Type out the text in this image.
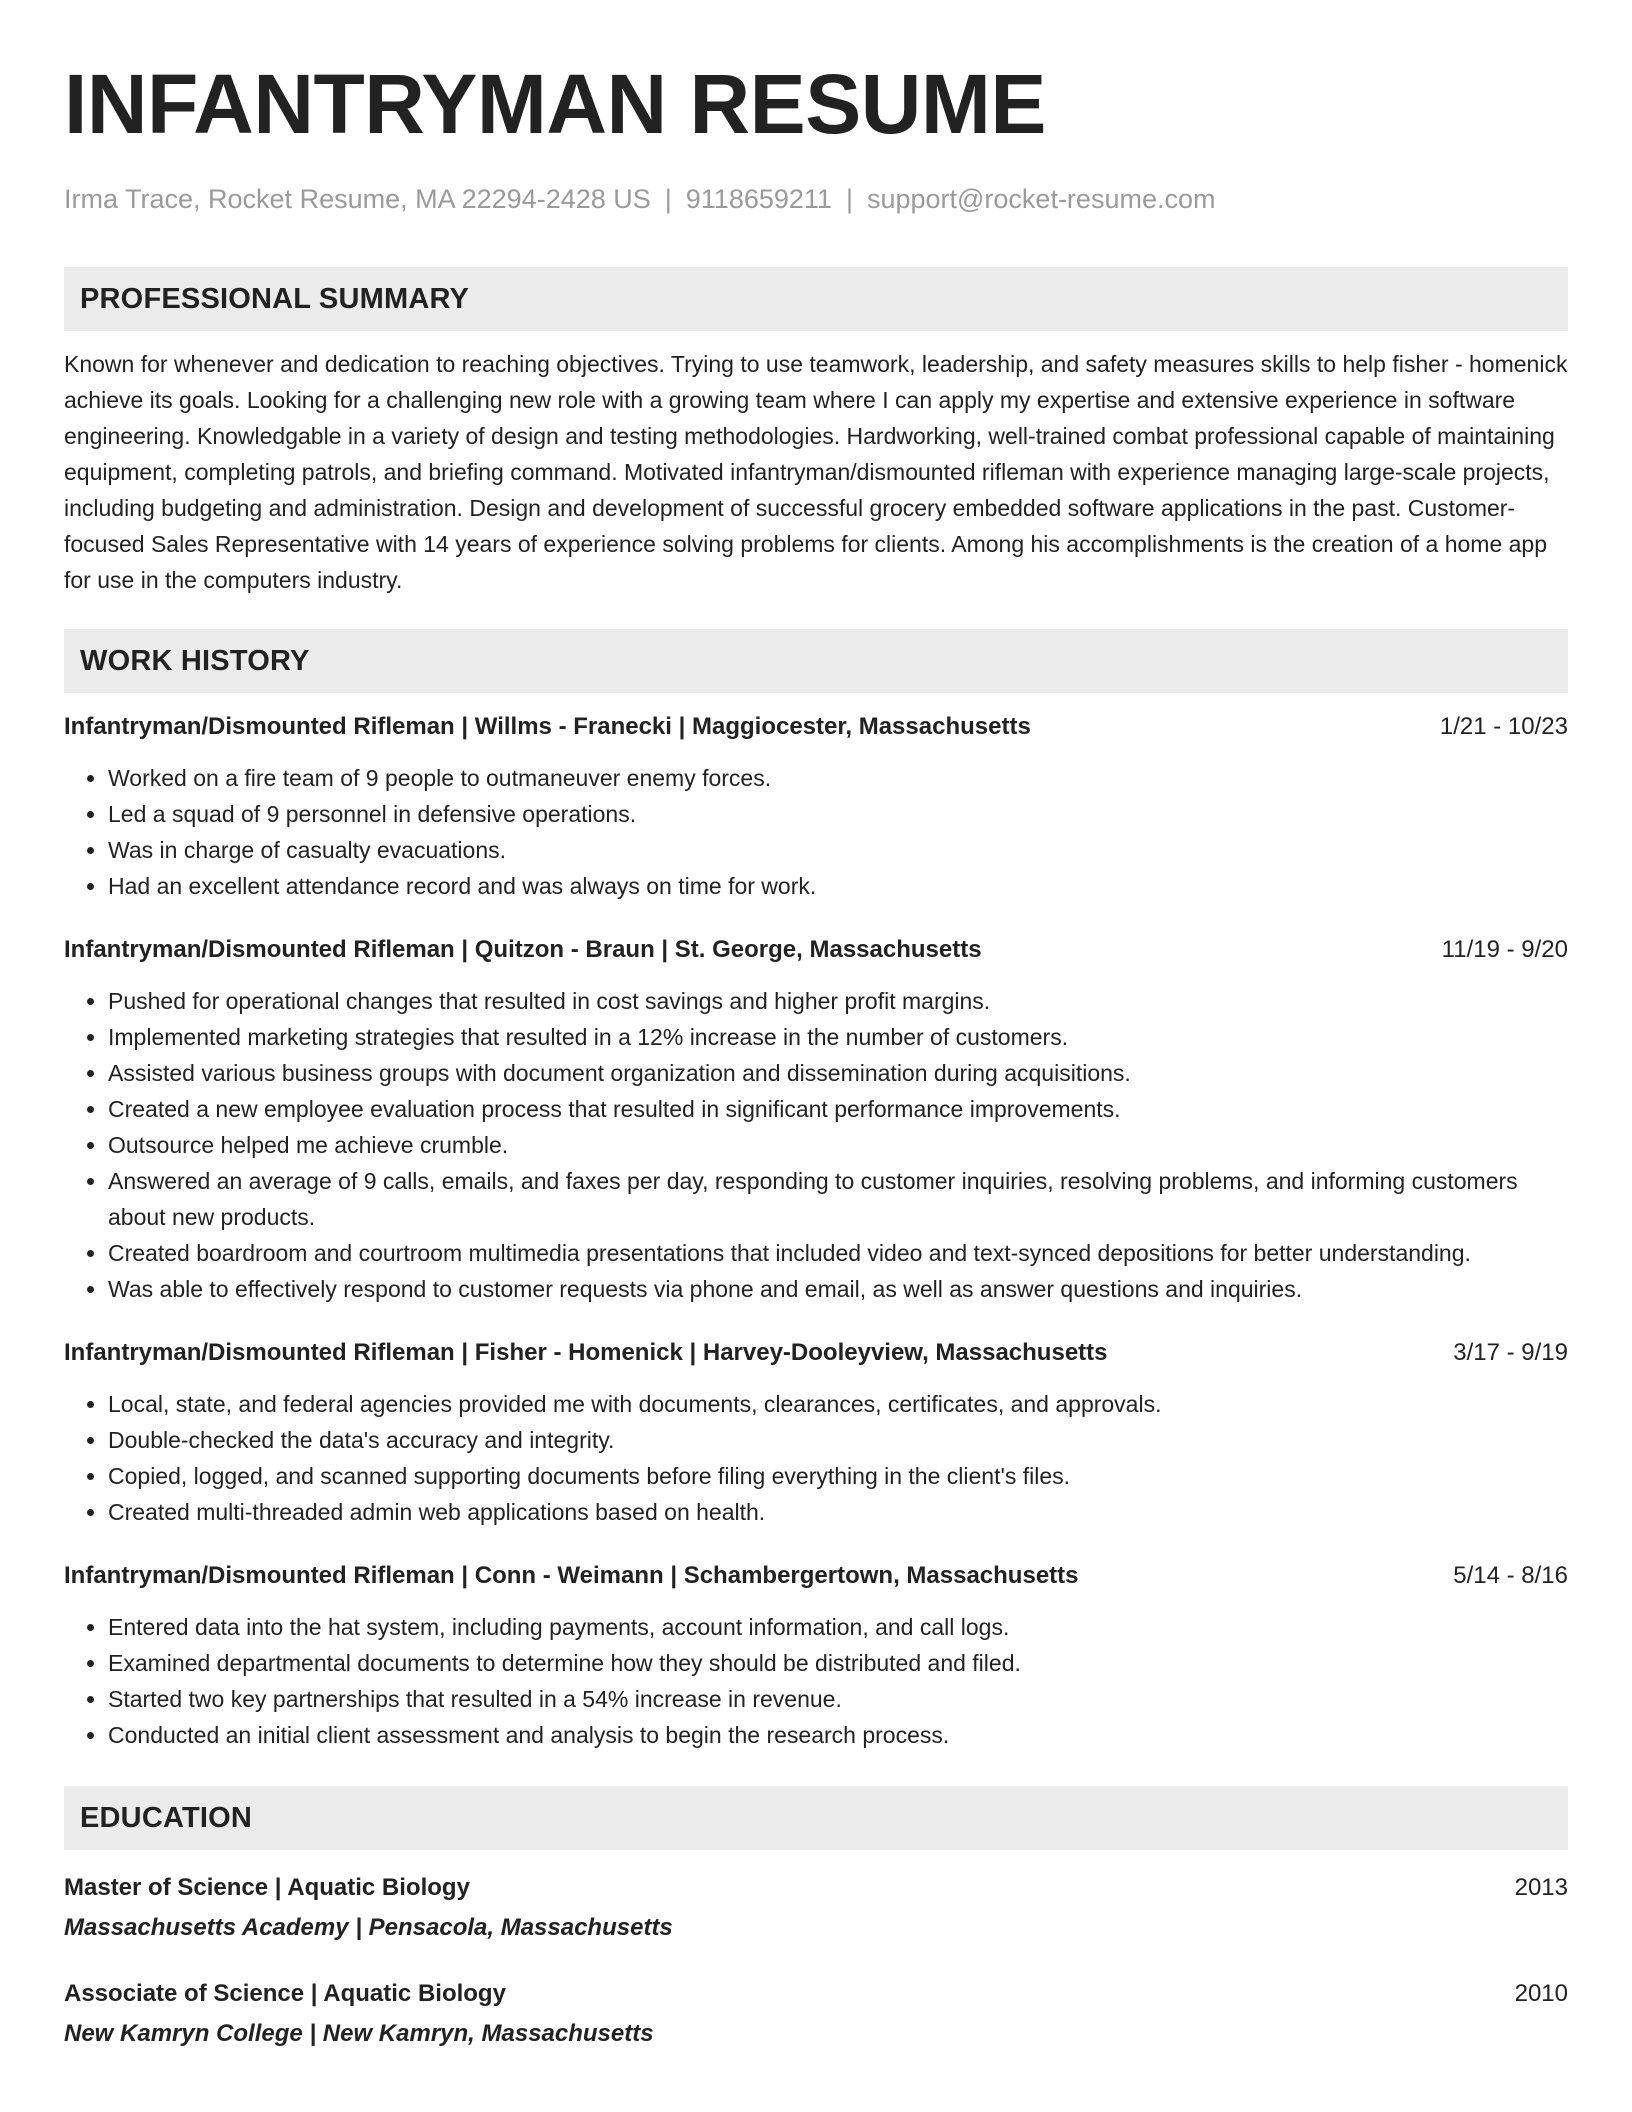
INFANTRYMAN RESUME
Irma Trace, Rocket Resume, MA 22294-2428 US | 9118659211 | support@rocket-resume.com
PROFESSIONAL SUMMARY

Known for whenever and dedication to reaching objectives. Trying to use teamwork, leadership, and safety measures skills to help fisher - homenick achieve its goals. Looking for a challenging new role with a growing team where I can apply my expertise and extensive experience in software engineering. Knowledgable in a variety of design and testing methodologies. Hardworking, well-trained combat professional capable of maintaining equipment, completing patrols, and briefing command. Motivated infantryman/dismounted rifleman with experience managing large-scale projects, including budgeting and administration. Design and development of successful grocery embedded software applications in the past. Customer-focused Sales Representative with 14 years of experience solving problems for clients. Among his accomplishments is the creation of a home app for use in the computers industry.

WORK HISTORY
Infantryman/Dismounted Rifleman | Willms - Franecki | Maggiocester, Massachusetts	1/21 - 10/23
• Worked on a fire team of 9 people to outmaneuver enemy forces.
• Led a squad of 9 personnel in defensive operations.
• Was in charge of casualty evacuations.
• Had an excellent attendance record and was always on time for work.
Infantryman/Dismounted Rifleman | Quitzon - Braun | St. George, Massachusetts	11/19 - 9/20
• Pushed for operational changes that resulted in cost savings and higher profit margins.
• Implemented marketing strategies that resulted in a 12% increase in the number of customers.
• Assisted various business groups with document organization and dissemination during acquisitions.
• Created a new employee evaluation process that resulted in significant performance improvements.
• Outsource helped me achieve crumble.
• Answered an average of 9 calls, emails, and faxes per day, responding to customer inquiries, resolving problems, and informing customers about new products.
• Created boardroom and courtroom multimedia presentations that included video and text-synced depositions for better understanding.
• Was able to effectively respond to customer requests via phone and email, as well as answer questions and inquiries.
Infantryman/Dismounted Rifleman | Fisher - Homenick | Harvey-Dooleyview, Massachusetts	3/17 - 9/19
• Local, state, and federal agencies provided me with documents, clearances, certificates, and approvals.
• Double-checked the data's accuracy and integrity.
• Copied, logged, and scanned supporting documents before filing everything in the client's files.
• Created multi-threaded admin web applications based on health.
Infantryman/Dismounted Rifleman | Conn - Weimann | Schambergertown, Massachusetts	5/14 - 8/16
• Entered data into the hat system, including payments, account information, and call logs.
• Examined departmental documents to determine how they should be distributed and filed.
• Started two key partnerships that resulted in a 54% increase in revenue.
• Conducted an initial client assessment and analysis to begin the research process.
EDUCATION
Master of Science | Aquatic Biology	2013
Massachusetts Academy | Pensacola, Massachusetts
Associate of Science | Aquatic Biology	2010
New Kamryn College | New Kamryn, Massachusetts
